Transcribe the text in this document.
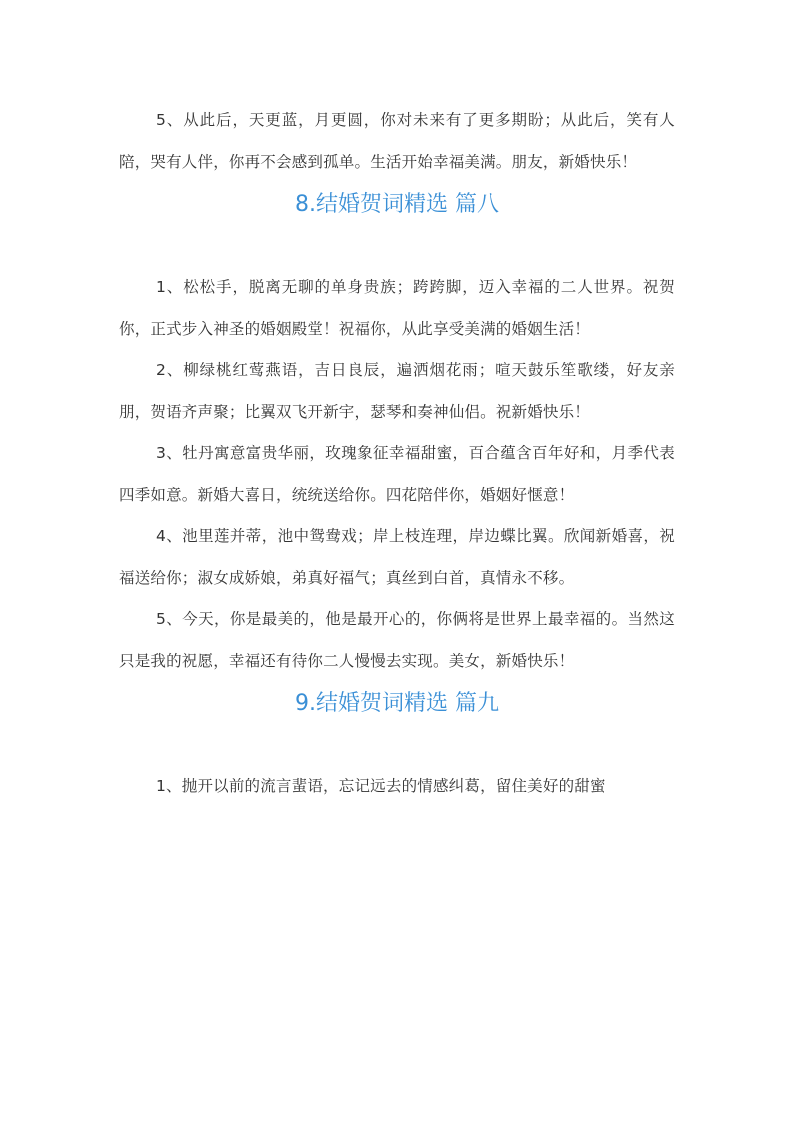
5、从此后，天更蓝，月更圆，你对未来有了更多期盼；从此后，笑有人陪，哭有人伴，你再不会感到孤单。生活开始幸福美满。朋友，新婚快乐！

8.结婚贺词精选 篇八

1、松松手，脱离无聊的单身贵族；跨跨脚，迈入幸福的二人世界。祝贺你，正式步入神圣的婚姻殿堂！祝福你，从此享受美满的婚姻生活！

2、柳绿桃红莺燕语，吉日良辰，遍洒烟花雨；喧天鼓乐笙歌缕，好友亲朋，贺语齐声聚；比翼双飞开新宇，瑟琴和奏神仙侣。祝新婚快乐！

3、牡丹寓意富贵华丽，玫瑰象征幸福甜蜜，百合蕴含百年好和，月季代表四季如意。新婚大喜日，统统送给你。四花陪伴你，婚姻好惬意！

4、池里莲并蒂，池中鸳鸯戏；岸上枝连理，岸边蝶比翼。欣闻新婚喜，祝福送给你；淑女成娇娘，弟真好福气；真丝到白首，真情永不移。

5、今天，你是最美的，他是最开心的，你俩将是世界上最幸福的。当然这只是我的祝愿，幸福还有待你二人慢慢去实现。美女，新婚快乐！

9.结婚贺词精选 篇九

1、抛开以前的流言蜚语，忘记远去的情感纠葛，留住美好的甜蜜
